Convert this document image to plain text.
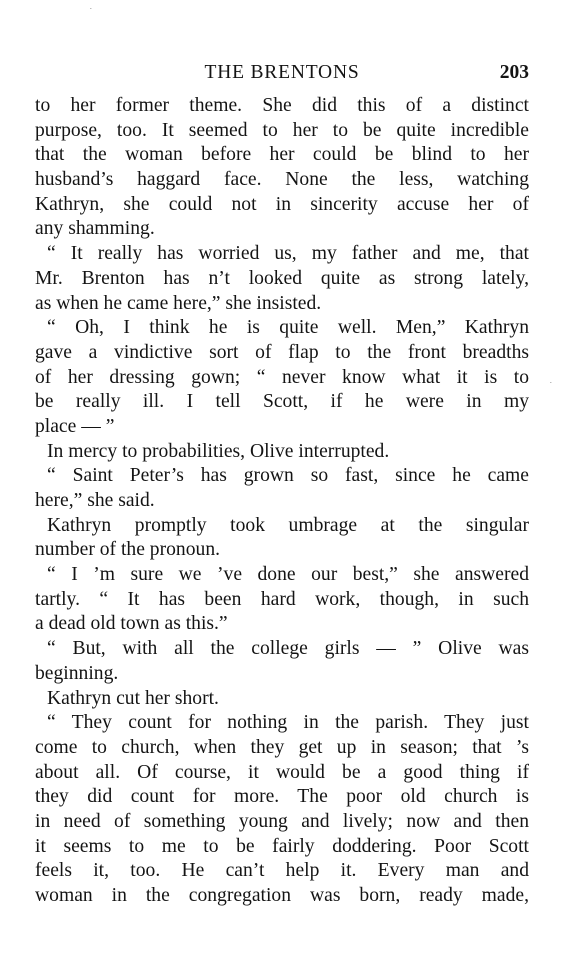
.
.
THE BRENTONS	203
to her former theme. She did this of a distinct
purpose, too. It seemed to her to be quite incredible
that the woman before her could be blind to her
husband’s haggard face. None the less, watching
Kathryn, she could not in sincerity accuse her of
any shamming.
“ It really has worried us, my father and me, that
Mr. Brenton has n’t looked quite as strong lately,
as when he came here,” she insisted.
“ Oh, I think he is quite well. Men,” Kathryn
gave a vindictive sort of flap to the front breadths
of her dressing gown; “ never know what it is to
be really ill. I tell Scott, if he were in my
place — ”
In mercy to probabilities, Olive interrupted.
“ Saint Peter’s has grown so fast, since he came
here,” she said.
Kathryn promptly took umbrage at the singular
number of the pronoun.
“ I ’m sure we ’ve done our best,” she answered
tartly. “ It has been hard work, though, in such
a dead old town as this.”
“ But, with all the college girls — ” Olive was
beginning.
Kathryn cut her short.
“ They count for nothing in the parish. They just
come to church, when they get up in season; that ’s
about all. Of course, it would be a good thing if
they did count for more. The poor old church is
in need of something young and lively; now and then
it seems to me to be fairly doddering. Poor Scott
feels it, too. He can’t help it. Every man and
woman in the congregation was born, ready made,
